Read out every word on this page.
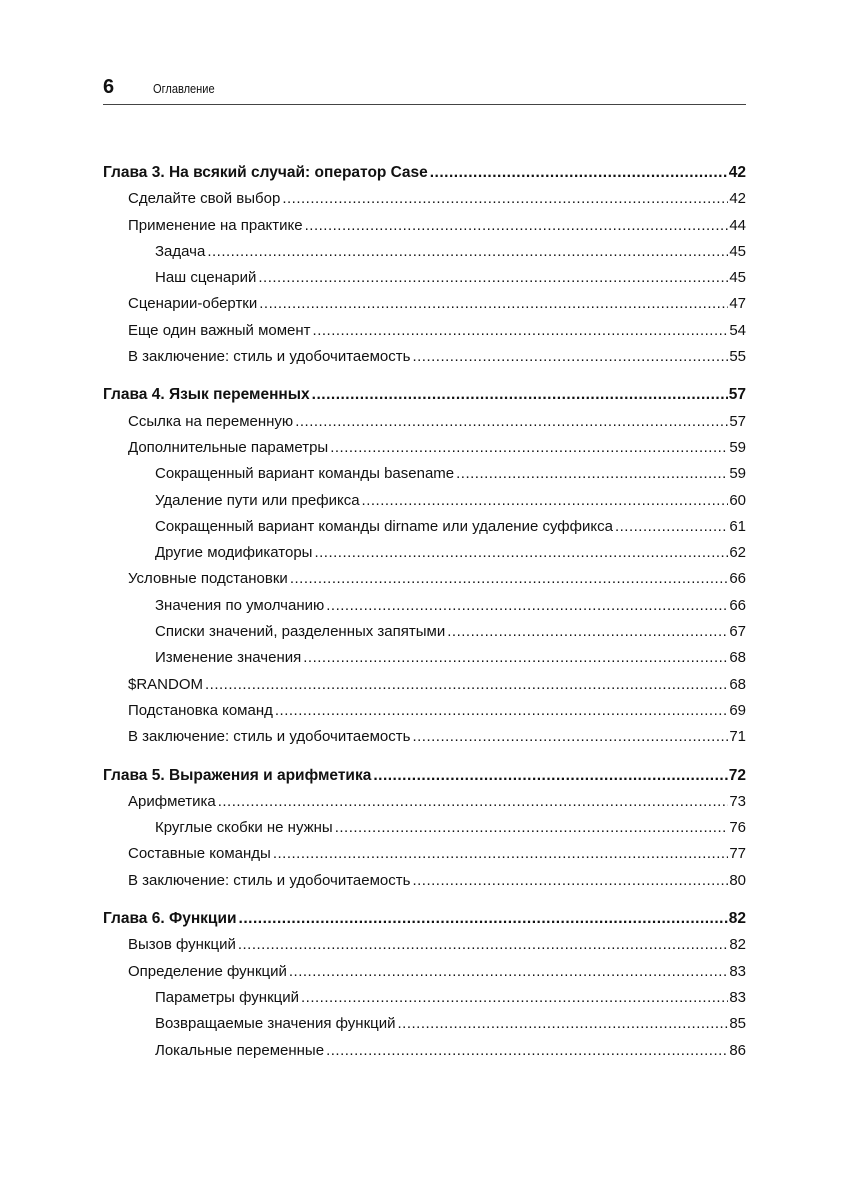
6	Оглавление
Глава 3. На всякий случай: оператор Case .....	42
Сделайте свой выбор .....	42
Применение на практике .....	44
Задача .....	45
Наш сценарий .....	45
Сценарии-обертки .....	47
Еще один важный момент .....	54
В заключение: стиль и удобочитаемость .....	55
Глава 4. Язык переменных .....	57
Ссылка на переменную .....	57
Дополнительные параметры .....	59
Сокращенный вариант команды basename .....	59
Удаление пути или префикса .....	60
Сокращенный вариант команды dirname или удаление суффикса .....	61
Другие модификаторы .....	62
Условные подстановки .....	66
Значения по умолчанию .....	66
Списки значений, разделенных запятыми .....	67
Изменение значения .....	68
$RANDOM .....	68
Подстановка команд .....	69
В заключение: стиль и удобочитаемость .....	71
Глава 5. Выражения и арифметика .....	72
Арифметика .....	73
Круглые скобки не нужны .....	76
Составные команды .....	77
В заключение: стиль и удобочитаемость .....	80
Глава 6. Функции .....	82
Вызов функций .....	82
Определение функций .....	83
Параметры функций .....	83
Возвращаемые значения функций .....	85
Локальные переменные .....	86
